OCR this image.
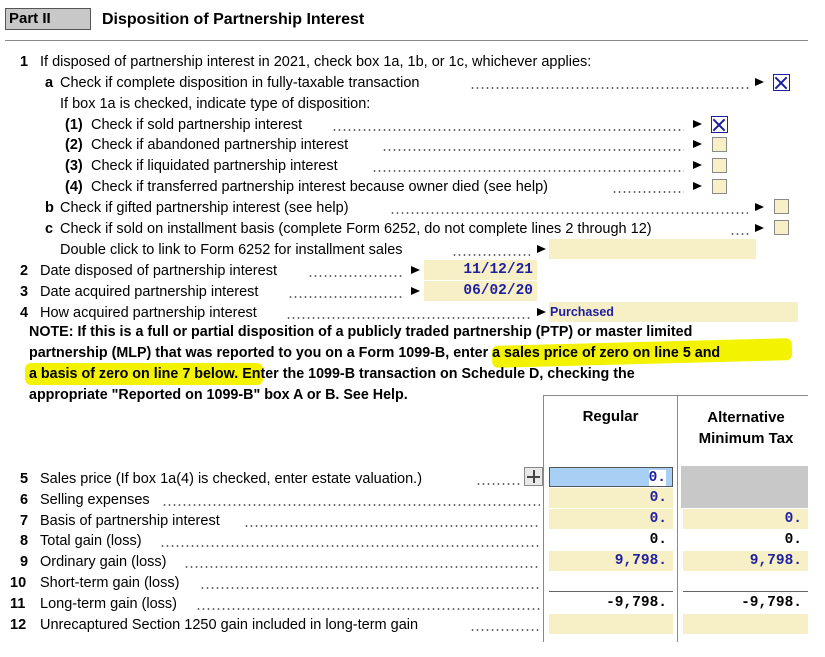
Part II	Disposition of Partnership Interest
1 If disposed of partnership interest in 2021, check box 1a, 1b, or 1c, whichever applies:
a Check if complete disposition in fully-taxable transaction
If box 1a is checked, indicate type of disposition:
(1) Check if sold partnership interest
(2) Check if abandoned partnership interest
(3) Check if liquidated partnership interest
(4) Check if transferred partnership interest because owner died (see help)
b Check if gifted partnership interest (see help)
c Check if sold on installment basis (complete Form 6252, do not complete lines 2 through 12)
Double click to link to Form 6252 for installment sales
2 Date disposed of partnership interest	11/12/21
3 Date acquired partnership interest	06/02/20
4 How acquired partnership interest	Purchased
NOTE: If this is a full or partial disposition of a publicly traded partnership (PTP) or master limited
partnership (MLP) that was reported to you on a Form 1099-B, enter a sales price of zero on line 5 and
a basis of zero on line 7 below. Enter the 1099-B transaction on Schedule D, checking the
appropriate "Reported on 1099-B" box A or B. See Help.
Regular	Alternative
Minimum Tax
5 Sales price (If box 1a(4) is checked, enter estate valuation.)	0.
6 Selling expenses	0.
7 Basis of partnership interest	0.	0.
8 Total gain (loss)	0.	0.
9 Ordinary gain (loss)	9,798.	9,798.
10 Short-term gain (loss)
11 Long-term gain (loss)	-9,798.	-9,798.
12 Unrecaptured Section 1250 gain included in long-term gain
